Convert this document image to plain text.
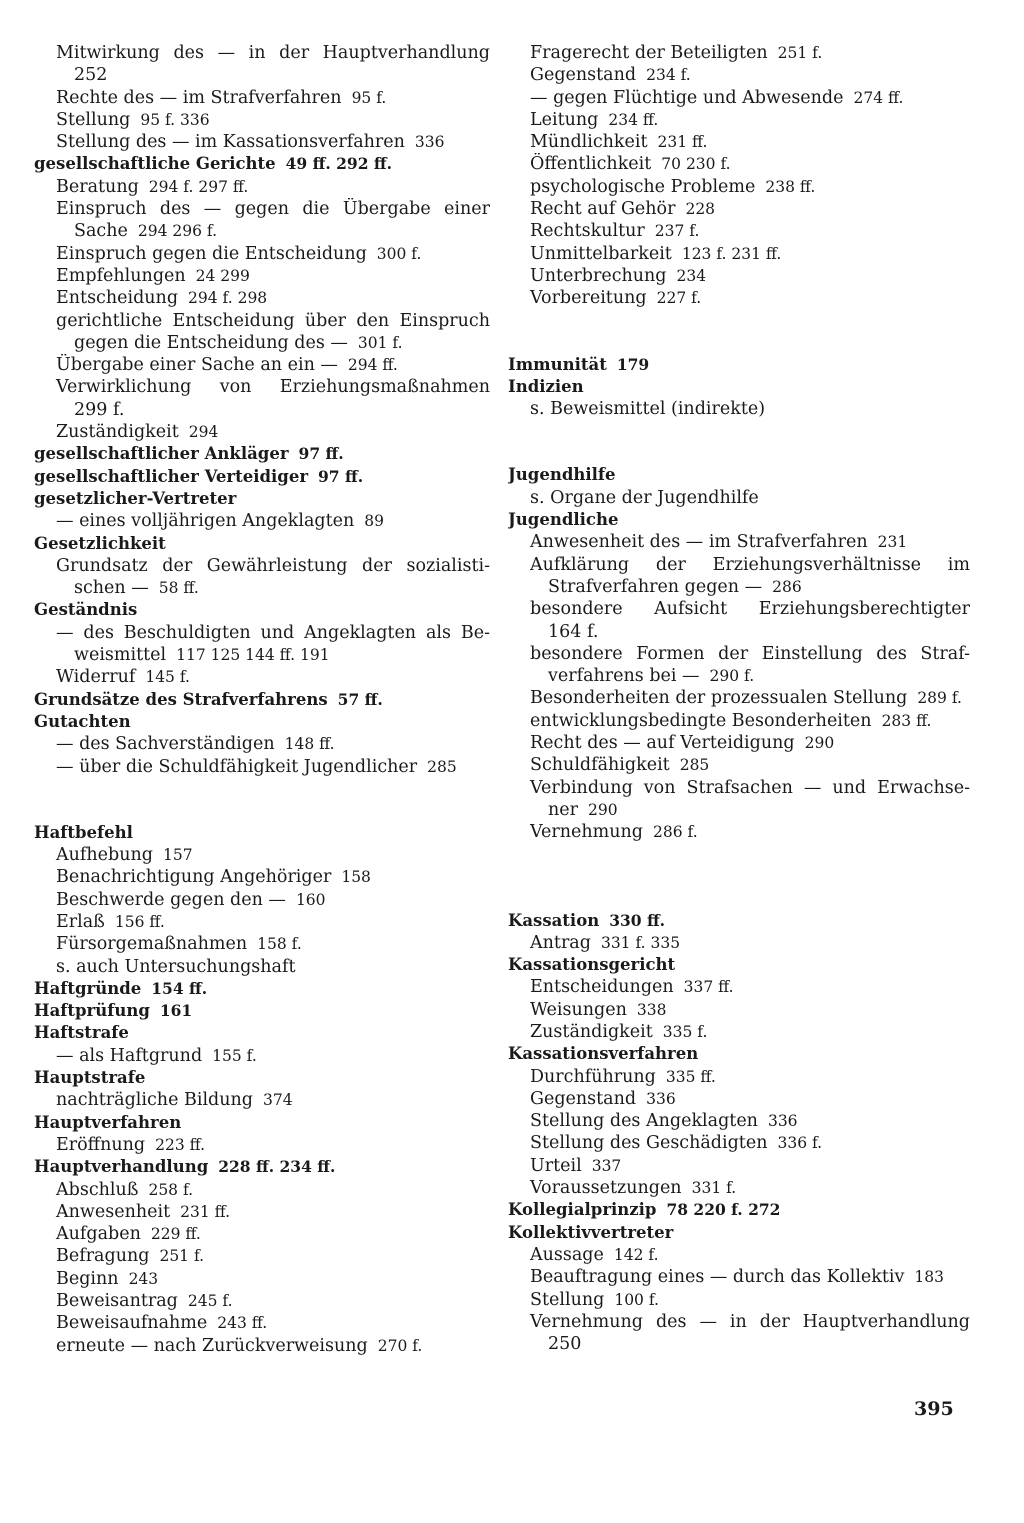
Mitwirkung des — in der Hauptverhandlung
252
Rechte des — im Strafverfahren 95 f.
Stellung 95 f. 336
Stellung des — im Kassationsverfahren 336
gesellschaftliche Gerichte 49 ff. 292 ff.
Beratung 294 f. 297 ff.
Einspruch des — gegen die Übergabe einer
Sache 294 296 f.
Einspruch gegen die Entscheidung 300 f.
Empfehlungen 24 299
Entscheidung 294 f. 298
gerichtliche Entscheidung über den Einspruch
gegen die Entscheidung des — 301 f.
Übergabe einer Sache an ein — 294 ff.
Verwirklichung von Erziehungsmaßnahmen
299 f.
Zuständigkeit 294
gesellschaftlicher Ankläger 97 ff.
gesellschaftlicher Verteidiger 97 ff.
gesetzlicher-Vertreter
— eines volljährigen Angeklagten 89
Gesetzlichkeit
Grundsatz der Gewährleistung der sozialisti-
schen — 58 ff.
Geständnis
— des Beschuldigten und Angeklagten als Be-
weismittel 117 125 144 ff. 191
Widerruf 145 f.
Grundsätze des Strafverfahrens 57 ff.
Gutachten
— des Sachverständigen 148 ff.
— über die Schuldfähigkeit Jugendlicher 285
Haftbefehl
Aufhebung 157
Benachrichtigung Angehöriger 158
Beschwerde gegen den — 160
Erlaß 156 ff.
Fürsorgemaßnahmen 158 f.
s. auch Untersuchungshaft
Haftgründe 154 ff.
Haftprüfung 161
Haftstrafe
— als Haftgrund 155 f.
Hauptstrafe
nachträgliche Bildung 374
Hauptverfahren
Eröffnung 223 ff.
Hauptverhandlung 228 ff. 234 ff.
Abschluß 258 f.
Anwesenheit 231 ff.
Aufgaben 229 ff.
Befragung 251 f.
Beginn 243
Beweisantrag 245 f.
Beweisaufnahme 243 ff.
erneute — nach Zurückverweisung 270 f.
Fragerecht der Beteiligten 251 f.
Gegenstand 234 f.
— gegen Flüchtige und Abwesende 274 ff.
Leitung 234 ff.
Mündlichkeit 231 ff.
Öffentlichkeit 70 230 f.
psychologische Probleme 238 ff.
Recht auf Gehör 228
Rechtskultur 237 f.
Unmittelbarkeit 123 f. 231 ff.
Unterbrechung 234
Vorbereitung 227 f.
Immunität 179
Indizien
s. Beweismittel (indirekte)
Jugendhilfe
s. Organe der Jugendhilfe
Jugendliche
Anwesenheit des — im Strafverfahren 231
Aufklärung der Erziehungsverhältnisse im
Strafverfahren gegen — 286
besondere Aufsicht Erziehungsberechtigter
164 f.
besondere Formen der Einstellung des Straf-
verfahrens bei — 290 f.
Besonderheiten der prozessualen Stellung 289 f.
entwicklungsbedingte Besonderheiten 283 ff.
Recht des — auf Verteidigung 290
Schuldfähigkeit 285
Verbindung von Strafsachen — und Erwachse-
ner 290
Vernehmung 286 f.
Kassation 330 ff.
Antrag 331 f. 335
Kassationsgericht
Entscheidungen 337 ff.
Weisungen 338
Zuständigkeit 335 f.
Kassationsverfahren
Durchführung 335 ff.
Gegenstand 336
Stellung des Angeklagten 336
Stellung des Geschädigten 336 f.
Urteil 337
Voraussetzungen 331 f.
Kollegialprinzip 78 220 f. 272
Kollektivvertreter
Aussage 142 f.
Beauftragung eines — durch das Kollektiv 183
Stellung 100 f.
Vernehmung des — in der Hauptverhandlung
250
395
